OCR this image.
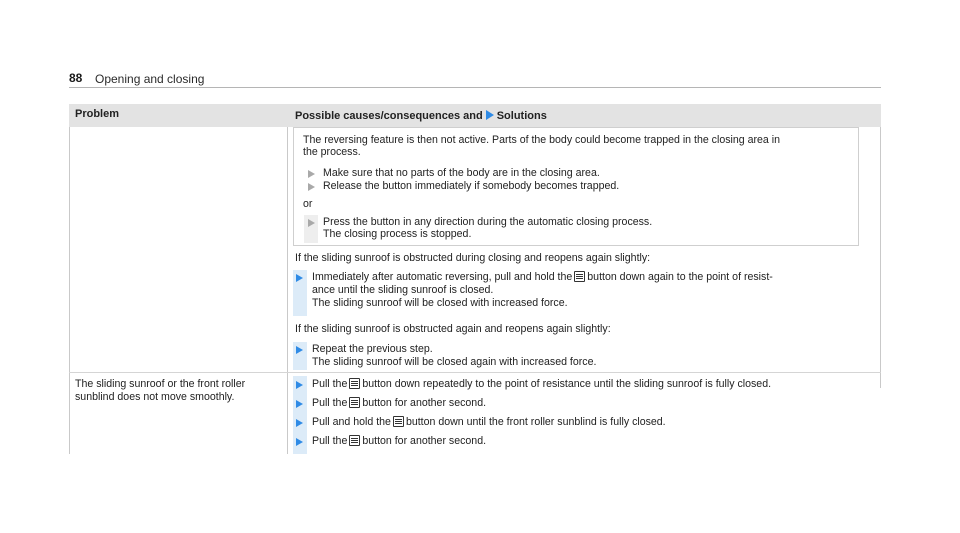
88 Opening and closing
Problem	Possible causes/consequences and Solutions
The reversing feature is then not active. Parts of the body could become trapped in the closing area in
the process.
Make sure that no parts of the body are in the closing area.
Release the button immediately if somebody becomes trapped.
or
Press the button in any direction during the automatic closing process.
The closing process is stopped.
If the sliding sunroof is obstructed during closing and reopens again slightly:
Immediately after automatic reversing, pull and hold the button down again to the point of resist-
ance until the sliding sunroof is closed.
The sliding sunroof will be closed with increased force.
If the sliding sunroof is obstructed again and reopens again slightly:
Repeat the previous step.
The sliding sunroof will be closed again with increased force.
The sliding sunroof or the front roller
sunblind does not move smoothly.
Pull the button down repeatedly to the point of resistance until the sliding sunroof is fully closed.
Pull the button for another second.
Pull and hold the button down until the front roller sunblind is fully closed.
Pull the button for another second.
